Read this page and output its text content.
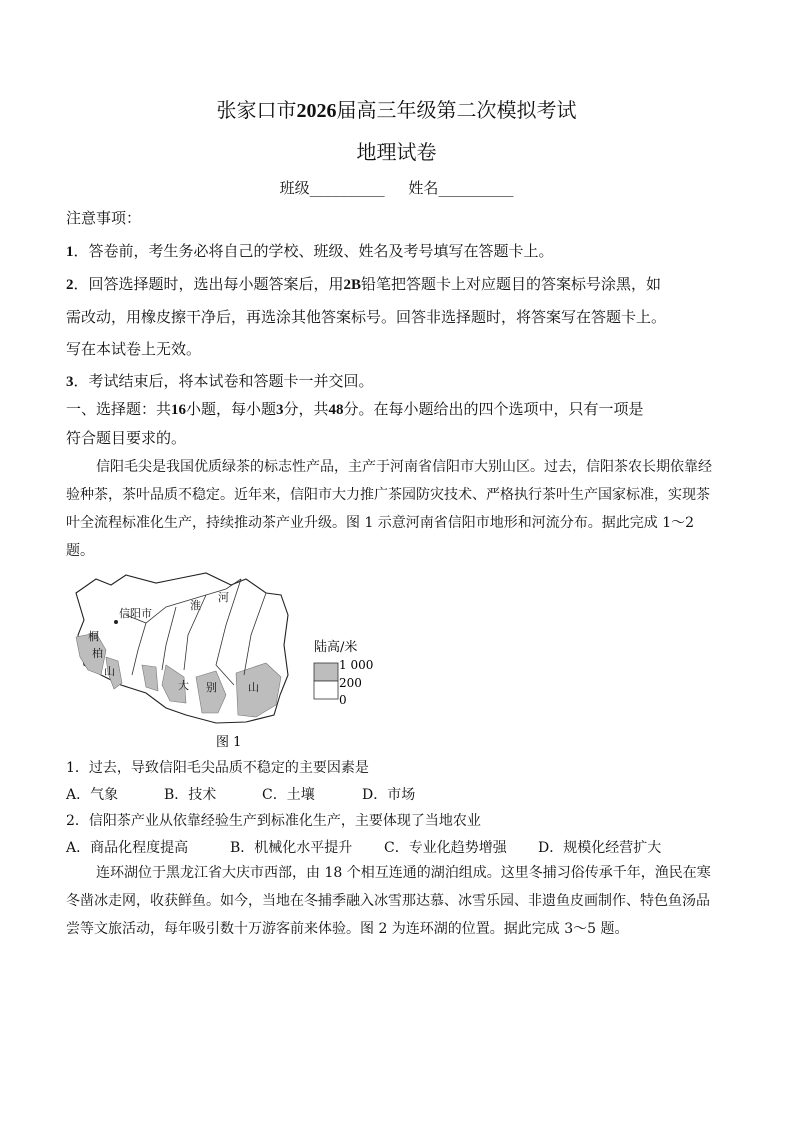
张家口市2026届高三年级第二次模拟考试
地理试卷
班级__________ 姓名__________
注意事项：
1．答卷前，考生务必将自己的学校、班级、姓名及考号填写在答题卡上。
2．回答选择题时，选出每小题答案后，用2B铅笔把答题卡上对应题目的答案标号涂黑，如
需改动，用橡皮擦干净后，再选涂其他答案标号。回答非选择题时，将答案写在答题卡上。
写在本试卷上无效。
3．考试结束后，将本试卷和答题卡一并交回。
一、选择题：共16小题，每小题3分，共48分。在每小题给出的四个选项中，只有一项是
符合题目要求的。
信阳毛尖是我国优质绿茶的标志性产品，主产于河南省信阳市大别山区。过去，信阳茶农长期依靠经
验种茶，茶叶品质不稳定。近年来，信阳市大力推广茶园防灾技术、严格执行茶叶生产国家标准，实现茶
叶全流程标准化生产，持续推动茶产业升级。图 1 示意河南省信阳市地形和河流分布。据此完成 1～2
题。
信阳市
淮
河
桐
柏
山
大 别	山
陆高/米
1 000
200
0
图 1
1．过去，导致信阳毛尖品质不稳定的主要因素是
A．气象	B．技术	C．土壤	D．市场
2．信阳茶产业从依靠经验生产到标准化生产，主要体现了当地农业
A．商品化程度提高	B．机械化水平提升 C．专业化趋势增强 D．规模化经营扩大
连环湖位于黑龙江省大庆市西部，由 18 个相互连通的湖泊组成。这里冬捕习俗传承千年，渔民在寒
冬凿冰走网，收获鲜鱼。如今，当地在冬捕季融入冰雪那达慕、冰雪乐园、非遗鱼皮画制作、特色鱼汤品
尝等文旅活动，每年吸引数十万游客前来体验。图 2 为连环湖的位置。据此完成 3～5 题。
